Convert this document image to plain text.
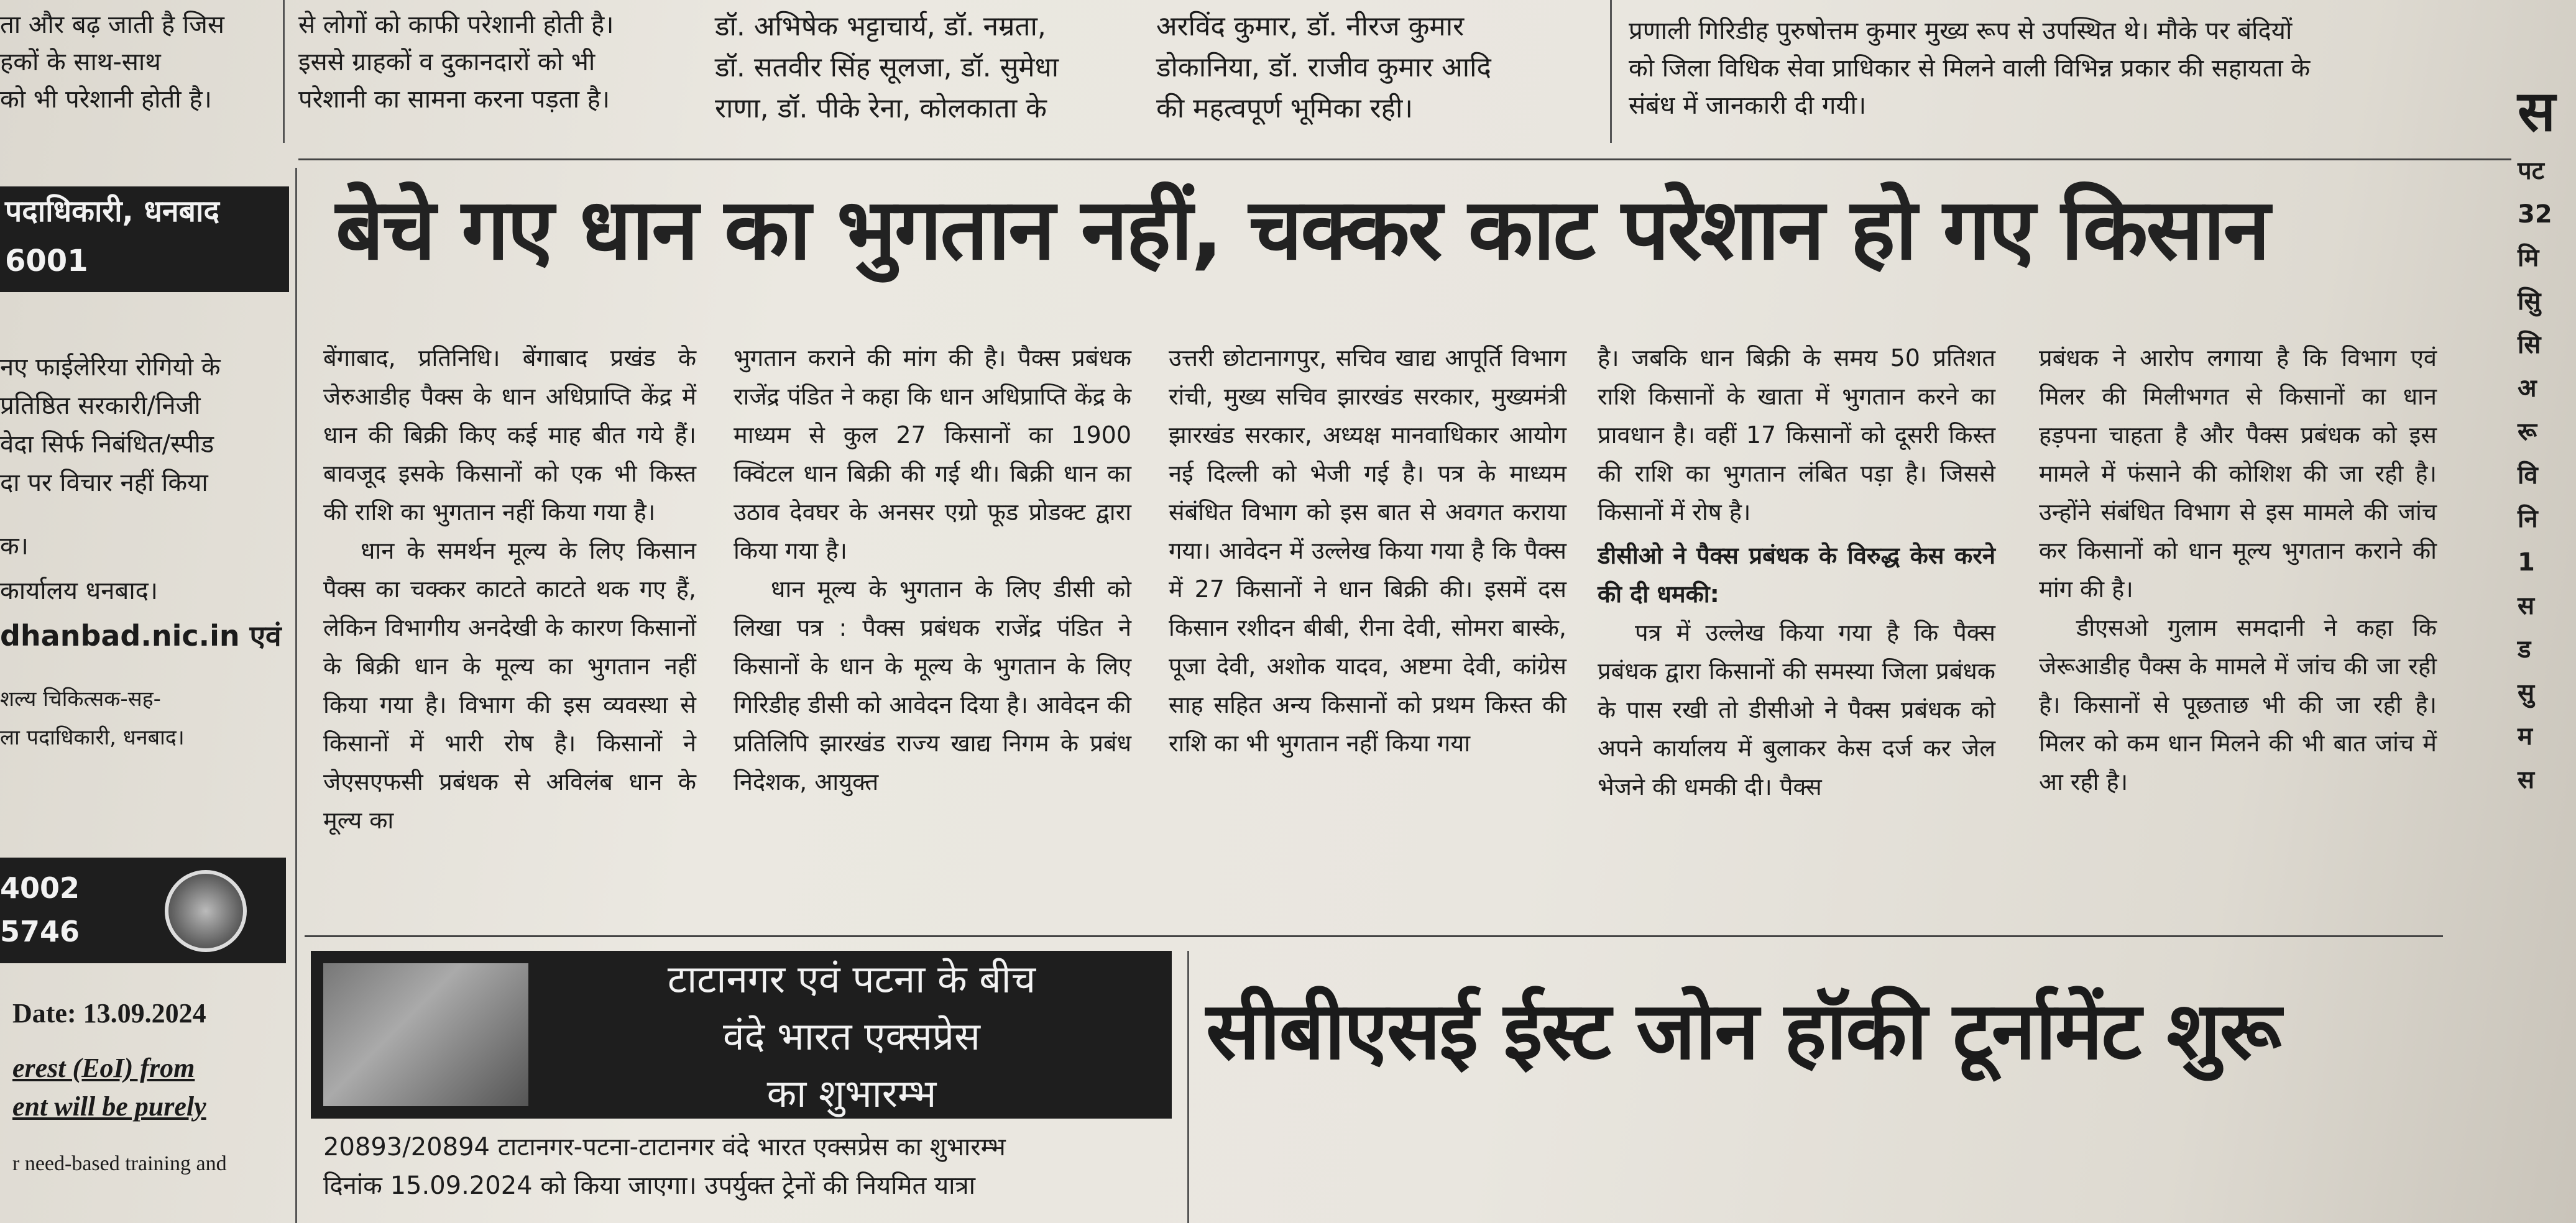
ता और बढ़ जाती है जिस
हकों के साथ-साथ
को भी परेशानी होती है।
से लोगों को काफी परेशानी होती है।
इससे ग्राहकों व दुकानदारों को भी
परेशानी का सामना करना पड़ता है।
डॉ. अभिषेक भट्टाचार्य, डॉ. नम्रता,
डॉ. सतवीर सिंह सूलजा, डॉ. सुमेधा
राणा, डॉ. पीके रेना, कोलकाता के
अरविंद कुमार, डॉ. नीरज कुमार
डोकानिया, डॉ. राजीव कुमार आदि
की महत्वपूर्ण भूमिका रही।
प्रणाली गिरिडीह पुरुषोत्तम कुमार मुख्य रूप से उपस्थित थे। मौके पर बंदियों
को जिला विधिक सेवा प्राधिकार से मिलने वाली विभिन्न प्रकार की सहायता के
संबंध में जानकारी दी गयी।
पदाधिकारी, धनबाद
6001
नए फाईलेरिया रोगियो के
प्रतिष्ठित सरकारी/निजी
वेदा सिर्फ निबंधित/स्पीड
दा पर विचार नहीं किया
क।
कार्यालय धनबाद।
dhanbad.nic.in एवं
शल्य चिकित्सक-सह-
ला पदाधिकारी, धनबाद।
4002
5746
Date: 13.09.2024
erest (EoI) from
ent will be purely
r need-based training and
बेचे गए धान का भुगतान नहीं, चक्कर काट परेशान हो गए किसान

बेंगाबाद, प्रतिनिधि। बेंगाबाद प्रखंड के जेरुआडीह पैक्स के धान अधिप्राप्ति केंद्र में धान की बिक्री किए कई माह बीत गये हैं। बावजूद इसके किसानों को एक भी किस्त की राशि का भुगतान नहीं किया गया है।

धान के समर्थन मूल्य के लिए किसान पैक्स का चक्कर काटते काटते थक गए हैं, लेकिन विभागीय अनदेखी के कारण किसानों के बिक्री धान के मूल्य का भुगतान नहीं किया गया है। विभाग की इस व्यवस्था से किसानों में भारी रोष है। किसानों ने जेएसएफसी प्रबंधक से अविलंब धान के मूल्य का

भुगतान कराने की मांग की है। पैक्स प्रबंधक राजेंद्र पंडित ने कहा कि धान अधिप्राप्ति केंद्र के माध्यम से कुल 27 किसानों का 1900 क्विंटल धान बिक्री की गई थी। बिक्री धान का उठाव देवघर के अनसर एग्रो फूड प्रोडक्ट द्वारा किया गया है।

धान मूल्य के भुगतान के लिए डीसी को लिखा पत्र : पैक्स प्रबंधक राजेंद्र पंडित ने किसानों के धान के मूल्य के भुगतान के लिए गिरिडीह डीसी को आवेदन दिया है। आवेदन की प्रतिलिपि झारखंड राज्य खाद्य निगम के प्रबंध निदेशक, आयुक्त

उत्तरी छोटानागपुर, सचिव खाद्य आपूर्ति विभाग रांची, मुख्य सचिव झारखंड सरकार, मुख्यमंत्री झारखंड सरकार, अध्यक्ष मानवाधिकार आयोग नई दिल्ली को भेजी गई है। पत्र के माध्यम संबंधित विभाग को इस बात से अवगत कराया गया। आवेदन में उल्लेख किया गया है कि पैक्स में 27 किसानों ने धान बिक्री की। इसमें दस किसान रशीदन बीबी, रीना देवी, सोमरा बास्के, पूजा देवी, अशोक यादव, अष्टमा देवी, कांग्रेस साह सहित अन्य किसानों को प्रथम किस्त की राशि का भी भुगतान नहीं किया गया

है। जबकि धान बिक्री के समय 50 प्रतिशत राशि किसानों के खाता में भुगतान करने का प्रावधान है। वहीं 17 किसानों को दूसरी किस्त की राशि का भुगतान लंबित पड़ा है। जिससे किसानों में रोष है।

डीसीओ ने पैक्स प्रबंधक के विरुद्ध केस करने की दी धमकी:

पत्र में उल्लेख किया गया है कि पैक्स प्रबंधक द्वारा किसानों की समस्या जिला प्रबंधक के पास रखी तो डीसीओ ने पैक्स प्रबंधक को अपने कार्यालय में बुलाकर केस दर्ज कर जेल भेजने की धमकी दी। पैक्स

प्रबंधक ने आरोप लगाया है कि विभाग एवं मिलर की मिलीभगत से किसानों का धान हड़पना चाहता है और पैक्स प्रबंधक को इस मामले में फंसाने की कोशिश की जा रही है। उन्होंने संबंधित विभाग से इस मामले की जांच कर किसानों को धान मूल्य भुगतान कराने की मांग की है।

डीएसओ गुलाम समदानी ने कहा कि जेरूआडीह पैक्स के मामले में जांच की जा रही है। किसानों से पूछताछ भी की जा रही है। मिलर को कम धान मिलने की भी बात जांच में आ रही है।

टाटानगर एवं पटना के बीच
वंदे भारत एक्सप्रेस
का शुभारम्भ
20893/20894 टाटानगर-पटना-टाटानगर वंदे भारत एक्सप्रेस का शुभारम्भ
दिनांक 15.09.2024 को किया जाएगा। उपर्युक्त ट्रेनों की नियमित यात्रा
सीबीएसई ईस्ट जोन हॉकी टूर्नामेंट शुरू
स
पट
32
मि
सुि
सि
अ
रू
वि
नि
1
स
ड
सु
म
स
